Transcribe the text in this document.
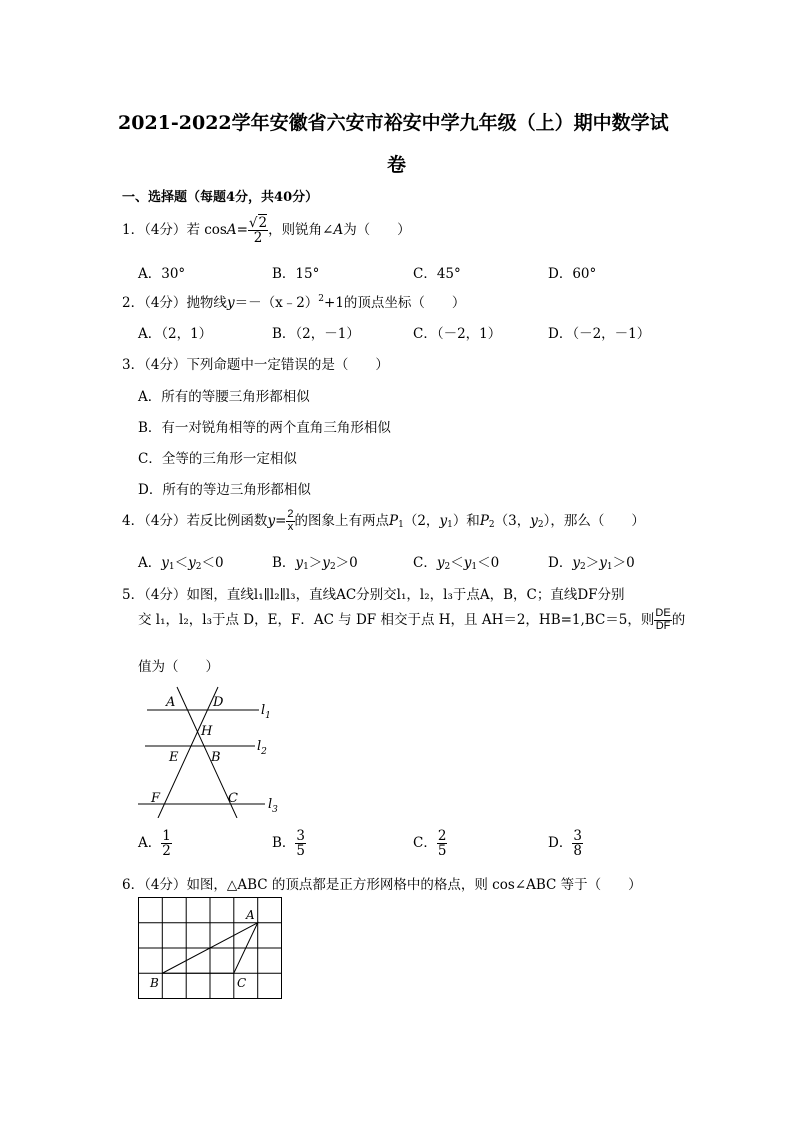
2021-2022学年安徽省六安市裕安中学九年级（上）期中数学试
卷
一、选择题（每题4分，共40分）
1．（4分）若 $\cos A= \frac{√2}{2}$ ，则锐角∠A为（　　）
A．30°	B．15°	C．45°	D．60°
2．（4分）抛物线y＝－（x﹣2）$^2$+1的顶点坐标（　　）
A．（2，1）	B．（2，－1）	C．（－2，1）	D．（－2，－1）
3．（4分）下列命题中一定错误的是（　　）
A．所有的等腰三角形都相似
B．有一对锐角相等的两个直角三角形相似
C．全等的三角形一定相似
D．所有的等边三角形都相似
4．（4分）若反比例函数$y= \frac{2}{x}$ 的图象上有两点$P_1(2$，$y_1$）和$P_2(3$，$y_2$），那么（　　）
A．$y_1<y_2<0$	B．$y_1>y_2>0$	C．$y_2<y_1<0$	D．$y_2>y_1>0$
5．（4分）如图，直线l₁∥l₂∥l₃，直线AC分别交l₁，l₂，l₃于点A，B，C；直线DF分别
交 l₁，l₂，l₃于点 D，E，F．AC 与 DF 相交于点 H，且 AH＝2，HB=1,BC＝5，则 $\frac{DE}{DF}$ 的
值为（　　）
A	D
H
E	B
F	C
$l_1$
$l_2$
$l_3$
A． $\frac{1}{2}$	B． $\frac{3}{5}$	C． $\frac{2}{5}$	D． $\frac{3}{8}$
6．（4分）如图，△ABC 的顶点都是正方形网格中的格点，则 cos∠ABC 等于（　　）
A
B	C
